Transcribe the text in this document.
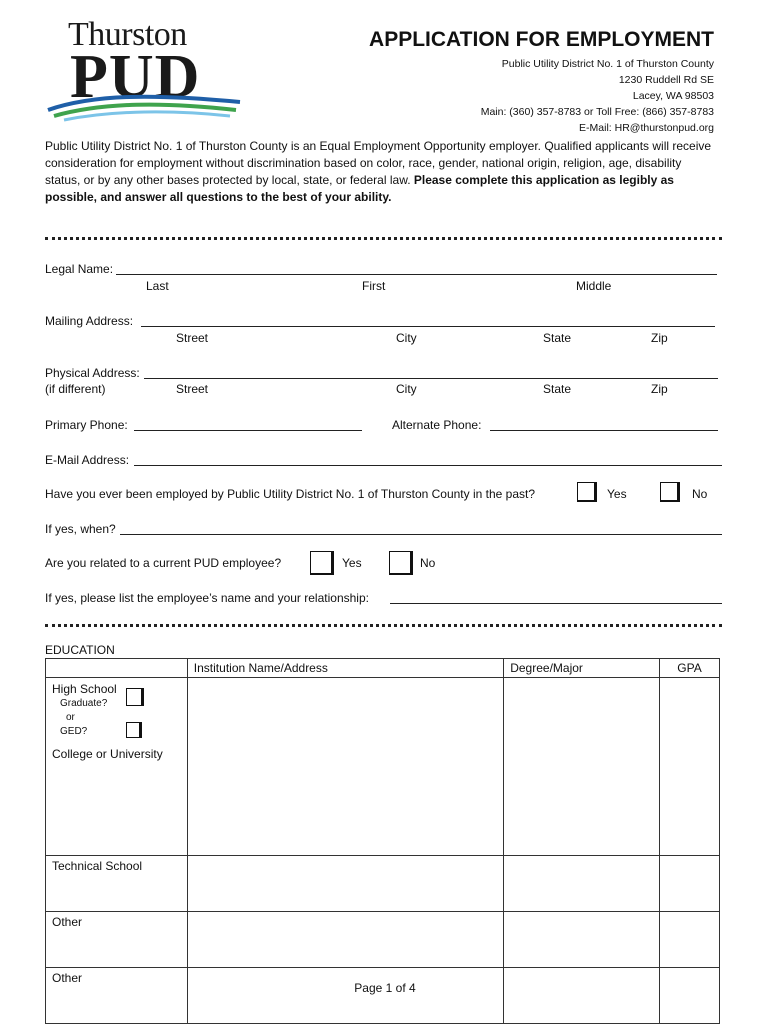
Thurston
PUD
APPLICATION FOR EMPLOYMENT
Public Utility District No. 1 of Thurston County
1230 Ruddell Rd SE
Lacey, WA 98503
Main: (360) 357-8783 or Toll Free: (866) 357-8783
E-Mail: HR@thurstonpud.org
Public Utility District No. 1 of Thurston County is an Equal Employment Opportunity employer. Qualified applicants will receive consideration for employment without discrimination based on color, race, gender, national origin, religion, age, disability status, or by any other bases protected by local, state, or federal law. Please complete this application as legibly as possible, and answer all questions to the best of your ability.
Legal Name:
Last	First	Middle
Mailing Address:
Street	City	State	Zip
Physical Address:
(if different)	Street	City	State	Zip
Primary Phone:	Alternate Phone:
E-Mail Address:
Have you ever been employed by Public Utility District No. 1 of Thurston County in the past?	Yes	No
If yes, when?
Are you related to a current PUD employee?	Yes	No
If yes, please list the employee’s name and your relationship:
EDUCATION
	Institution Name/Address	Degree/Major	GPA

High School
Graduate?
or
GED?			

College or University			

Technical School			

Other			

Other			

Page 1 of 4
